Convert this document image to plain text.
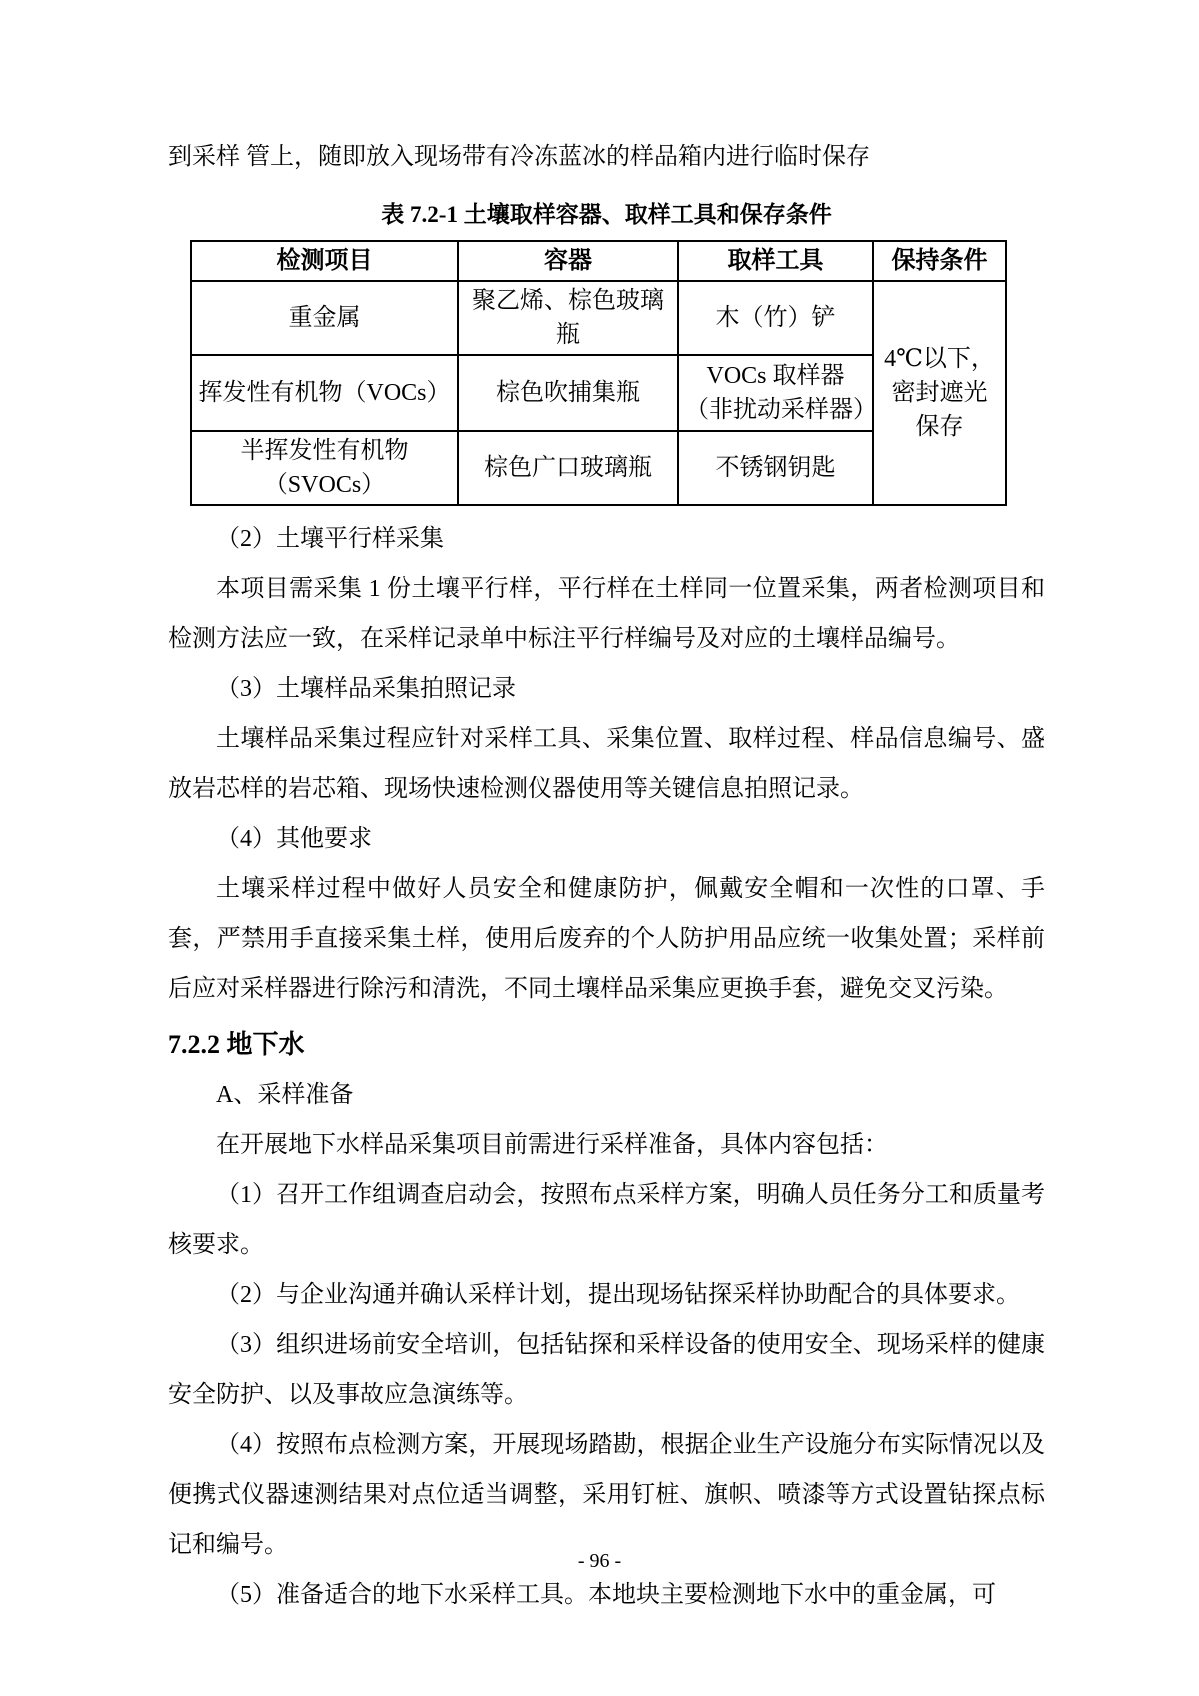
到采样 管上，随即放入现场带有冷冻蓝冰的样品箱内进行临时保存

表 7.2-1 土壤取样容器、取样工具和保存条件

检测项目	容器	取样工具	保持条件
重金属	聚乙烯、棕色玻璃瓶	木（竹）铲	4℃以下，密封遮光保存
挥发性有机物（VOCs）	棕色吹捕集瓶	VOCs 取样器（非扰动采样器）	
半挥发性有机物（SVOCs）	棕色广口玻璃瓶	不锈钢钥匙	

（2）土壤平行样采集

本项目需采集 1 份土壤平行样，平行样在土样同一位置采集，两者检测项目和检测方法应一致，在采样记录单中标注平行样编号及对应的土壤样品编号。

（3）土壤样品采集拍照记录

土壤样品采集过程应针对采样工具、采集位置、取样过程、样品信息编号、盛放岩芯样的岩芯箱、现场快速检测仪器使用等关键信息拍照记录。

（4）其他要求

土壤采样过程中做好人员安全和健康防护，佩戴安全帽和一次性的口罩、手套，严禁用手直接采集土样，使用后废弃的个人防护用品应统一收集处置；采样前后应对采样器进行除污和清洗，不同土壤样品采集应更换手套，避免交叉污染。

7.2.2 地下水

A、采样准备

在开展地下水样品采集项目前需进行采样准备，具体内容包括：

（1）召开工作组调查启动会，按照布点采样方案，明确人员任务分工和质量考核要求。

（2）与企业沟通并确认采样计划，提出现场钻探采样协助配合的具体要求。

（3）组织进场前安全培训，包括钻探和采样设备的使用安全、现场采样的健康安全防护、以及事故应急演练等。

（4）按照布点检测方案，开展现场踏勘，根据企业生产设施分布实际情况以及便携式仪器速测结果对点位适当调整，采用钉桩、旗帜、喷漆等方式设置钻探点标记和编号。

（5）准备适合的地下水采样工具。本地块主要检测地下水中的重金属，可

- 96 -
